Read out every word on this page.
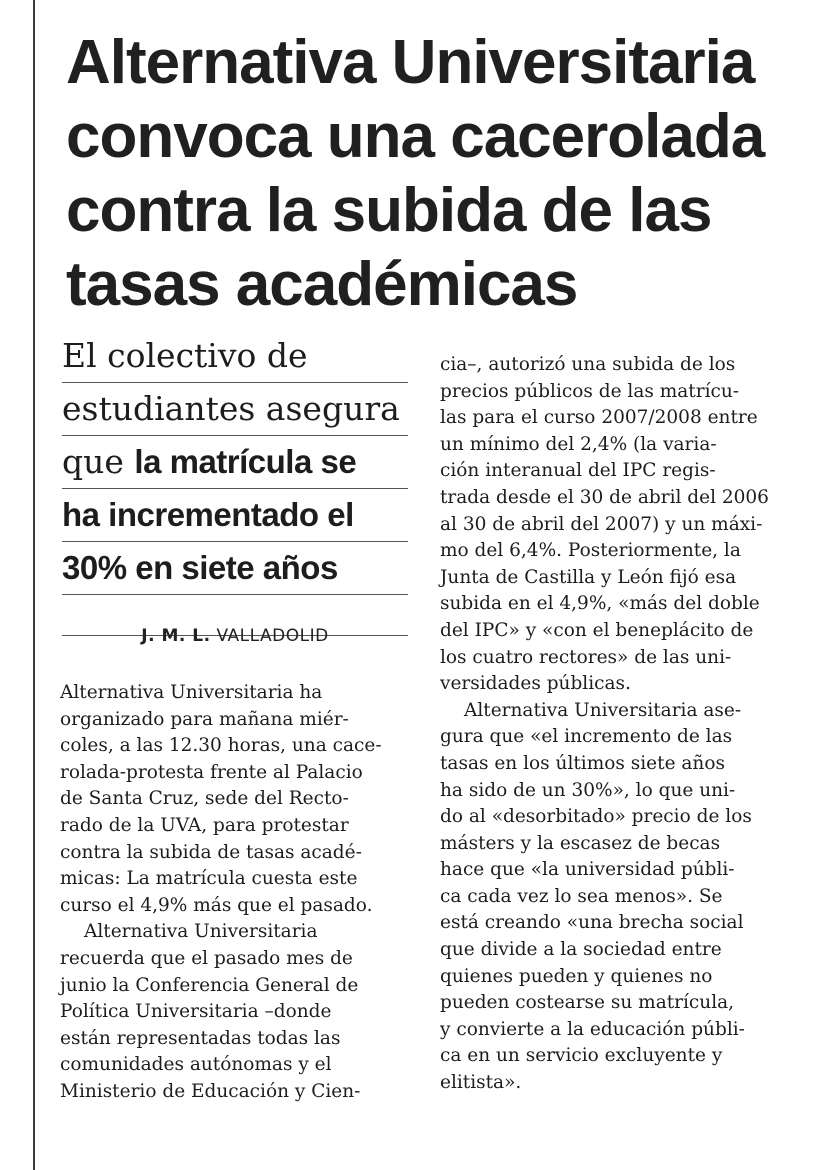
Alternativa Universitaria
convoca una cacerolada
contra la subida de las
tasas académicas
El colectivo de
estudiantes asegura
que la matrícula se
ha incrementado el
30% en siete años
J. M. L. VALLADOLID
Alternativa Universitaria ha
organizado para mañana miér-
coles, a las 12.30 horas, una cace-
rolada-protesta frente al Palacio
de Santa Cruz, sede del Recto-
rado de la UVA, para protestar
contra la subida de tasas acadé-
micas: La matrícula cuesta este
curso el 4,9% más que el pasado.
Alternativa Universitaria
recuerda que el pasado mes de
junio la Conferencia General de
Política Universitaria –donde
están representadas todas las
comunidades autónomas y el
Ministerio de Educación y Cien-
cia–, autorizó una subida de los
precios públicos de las matrícu-
las para el curso 2007/2008 entre
un mínimo del 2,4% (la varia-
ción interanual del IPC regis-
trada desde el 30 de abril del 2006
al 30 de abril del 2007) y un máxi-
mo del 6,4%. Posteriormente, la
Junta de Castilla y León fijó esa
subida en el 4,9%, «más del doble
del IPC» y «con el beneplácito de
los cuatro rectores» de las uni-
versidades públicas.
Alternativa Universitaria ase-
gura que «el incremento de las
tasas en los últimos siete años
ha sido de un 30%», lo que uni-
do al «desorbitado» precio de los
másters y la escasez de becas
hace que «la universidad públi-
ca cada vez lo sea menos». Se
está creando «una brecha social
que divide a la sociedad entre
quienes pueden y quienes no
pueden costearse su matrícula,
y convierte a la educación públi-
ca en un servicio excluyente y
elitista».
